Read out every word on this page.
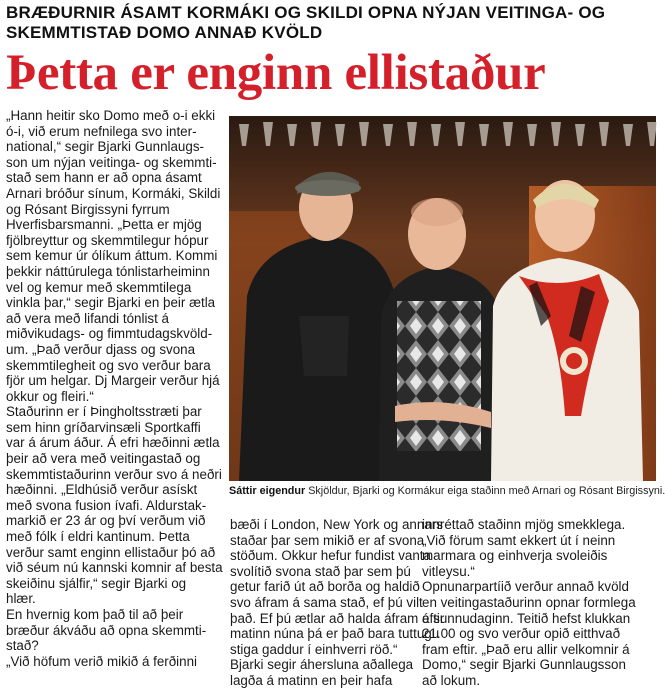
BRÆÐURNIR ÁSAMT KORMÁKI OG SKILDI OPNA NÝJAN VEITINGA- OG
SKEMMTISTAÐ DOMO ANNAÐ KVÖLD
Þetta er enginn ellistaður

„Hann heitir sko Domo með o-i ekki
ó-i, við erum nefnilega svo inter-
national,“ segir Bjarki Gunnlaugs-
son um nýjan veitinga- og skemmti-
stað sem hann er að opna ásamt
Arnari bróður sínum, Kormáki, Skildi
og Rósant Birgissyni fyrrum
Hverfisbarsmanni. „Þetta er mjög
fjölbreyttur og skemmtilegur hópur
sem kemur úr ólíkum áttum. Kommi
þekkir náttúrulega tónlistarheiminn
vel og kemur með skemmtilega
vinkla þar,“ segir Bjarki en þeir ætla
að vera með lifandi tónlist á
miðvikudags- og fimmtudagskvöld-
um. „Það verður djass og svona
skemmtilegheit og svo verður bara
fjör um helgar. Dj Margeir verður hjá
okkur og fleiri.“

Staðurinn er í Þingholtsstræti þar
sem hinn gríðarvinsæli Sportkaffi
var á árum áður. Á efri hæðinni ætla
þeir að vera með veitingastað og
skemmtistaðurinn verður svo á neðri
hæðinni. „Eldhúsið verður asískt
með svona fusion ívafi. Aldurstak-
markið er 23 ár og því verðum við
með fólk í eldri kantinum. Þetta
verður samt enginn ellistaður þó að
við séum nú kannski komnir af besta
skeiðinu sjálfir,“ segir Bjarki og
hlær.

En hvernig kom það til að þeir
bræður ákváðu að opna skemmti-
stað?

„Við höfum verið mikið á ferðinni

Sáttir eigendur Skjöldur, Bjarki og Kormákur eiga staðinn með Arnari og Rósant Birgissyni.

bæði í London, New York og annars
staðar þar sem mikið er af svona
stöðum. Okkur hefur fundist vanta
svolítið svona stað þar sem þú
getur farið út að borða og haldið
svo áfram á sama stað, ef þú vilt
það. Ef þú ætlar að halda áfram eftir
matinn núna þá er það bara tuttugu
stiga gaddur í einhverri röð.“

Bjarki segir áhersluna aðallega
lagða á matinn en þeir hafa

innréttað staðinn mjög smekklega.
„Við förum samt ekkert út í neinn
marmara og einhverja svoleiðis
vitleysu.“

Opnunarpartíið verður annað kvöld
en veitingastaðurinn opnar formlega
á sunnudaginn. Teitið hefst klukkan
21.00 og svo verður opið eitthvað
fram eftir. „Það eru allir velkomnir á
Domo,“ segir Bjarki Gunnlaugsson
að lokum.
